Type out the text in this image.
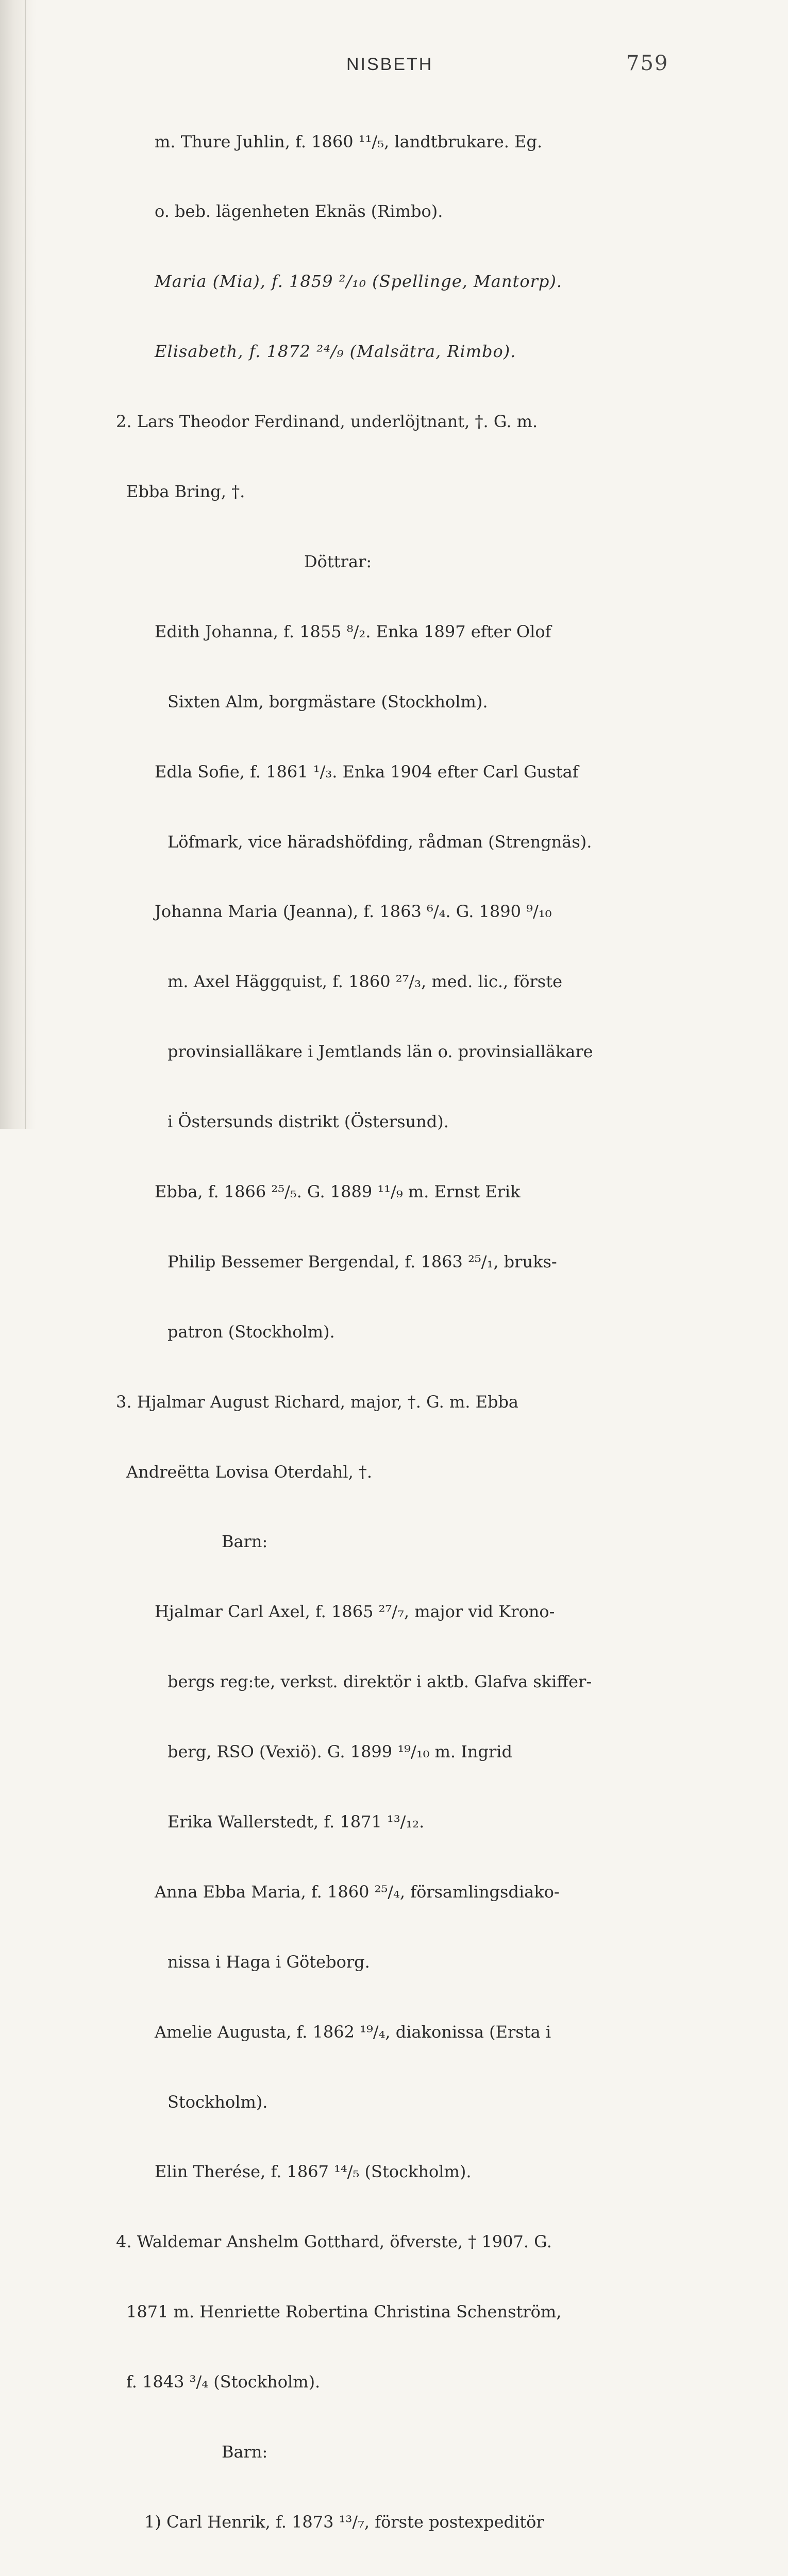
NISBETH	759

m. Thure Juhlin, f. 1860 ¹¹/₅, landtbrukare. Eg.

o. beb. lägenheten Eknäs (Rimbo).

Maria (Mia), f. 1859 ²/₁₀ (Spellinge, Mantorp).

Elisabeth, f. 1872 ²⁴/₉ (Malsätra, Rimbo).

2. Lars Theodor Ferdinand, underlöjtnant, †. G. m.

Ebba Bring, †.

Döttrar:

Edith Johanna, f. 1855 ⁸/₂. Enka 1897 efter Olof

Sixten Alm, borgmästare (Stockholm).

Edla Sofie, f. 1861 ¹/₃. Enka 1904 efter Carl Gustaf

Löfmark, vice häradshöfding, rådman (Strengnäs).

Johanna Maria (Jeanna), f. 1863 ⁶/₄. G. 1890 ⁹/₁₀

m. Axel Häggquist, f. 1860 ²⁷/₃, med. lic., förste

provinsialläkare i Jemtlands län o. provinsialläkare

i Östersunds distrikt (Östersund).

Ebba, f. 1866 ²⁵/₅. G. 1889 ¹¹/₉ m. Ernst Erik

Philip Bessemer Bergendal, f. 1863 ²⁵/₁, bruks-

patron (Stockholm).

3. Hjalmar August Richard, major, †. G. m. Ebba

Andreëtta Lovisa Oterdahl, †.

Barn:

Hjalmar Carl Axel, f. 1865 ²⁷/₇, major vid Krono-

bergs reg:te, verkst. direktör i aktb. Glafva skiffer-

berg, RSO (Vexiö). G. 1899 ¹⁹/₁₀ m. Ingrid

Erika Wallerstedt, f. 1871 ¹³/₁₂.

Anna Ebba Maria, f. 1860 ²⁵/₄, församlingsdiako-

nissa i Haga i Göteborg.

Amelie Augusta, f. 1862 ¹⁹/₄, diakonissa (Ersta i

Stockholm).

Elin Therése, f. 1867 ¹⁴/₅ (Stockholm).

4. Waldemar Anshelm Gotthard, öfverste, † 1907. G.

1871 m. Henriette Robertina Christina Schenström,

f. 1843 ³/₄ (Stockholm).

Barn:

1) Carl Henrik, f. 1873 ¹³/₇, förste postexpeditör
